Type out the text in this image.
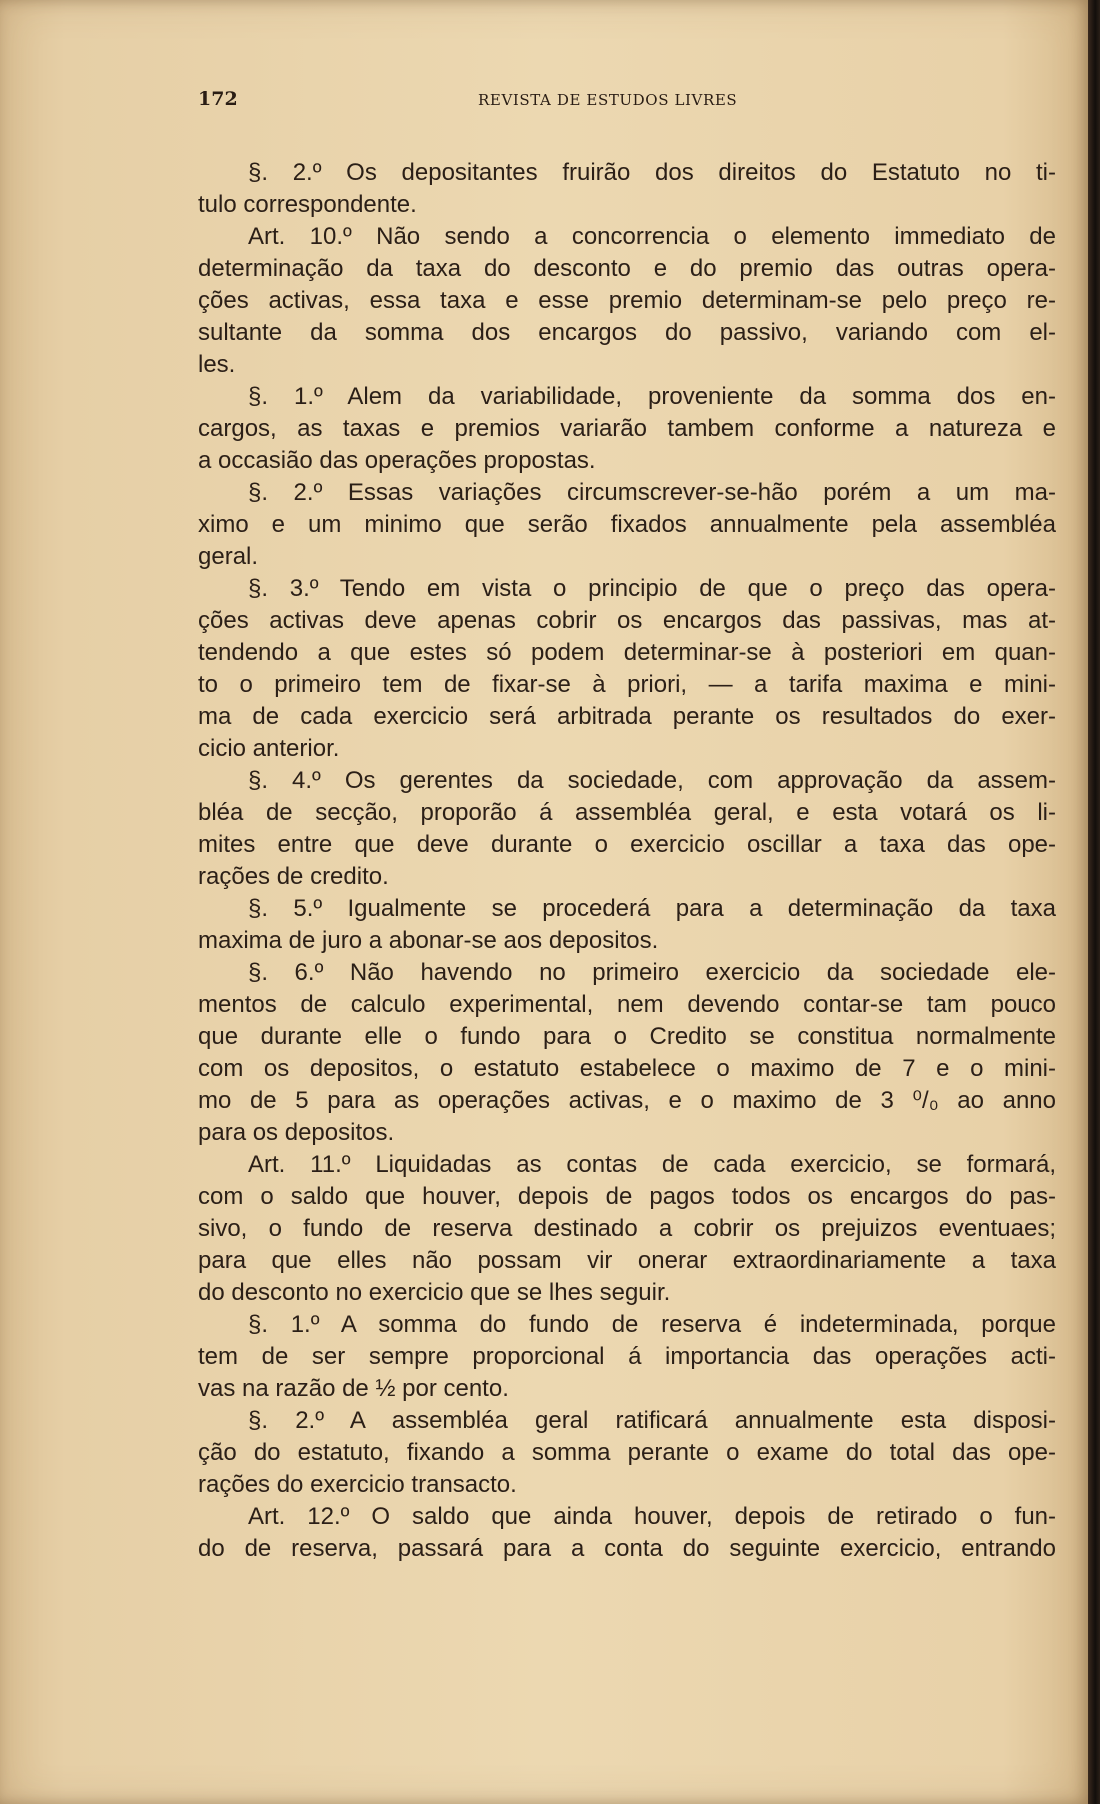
172	REVISTA DE ESTUDOS LIVRES
§. 2.º Os depositantes fruirão dos direitos do Estatuto no ti-
tulo correspondente.
Art. 10.º Não sendo a concorrencia o elemento immediato de
determinação da taxa do desconto e do premio das outras opera-
ções activas, essa taxa e esse premio determinam-se pelo preço re-
sultante da somma dos encargos do passivo, variando com el-
les.
§. 1.º Alem da variabilidade, proveniente da somma dos en-
cargos, as taxas e premios variarão tambem conforme a natureza e
a occasião das operações propostas.
§. 2.º Essas variações circumscrever-se-hão porém a um ma-
ximo e um minimo que serão fixados annualmente pela assembléa
geral.
§. 3.º Tendo em vista o principio de que o preço das opera-
ções activas deve apenas cobrir os encargos das passivas, mas at-
tendendo a que estes só podem determinar-se à posteriori em quan-
to o primeiro tem de fixar-se à priori, — a tarifa maxima e mini-
ma de cada exercicio será arbitrada perante os resultados do exer-
cicio anterior.
§. 4.º Os gerentes da sociedade, com approvação da assem-
bléa de secção, proporão á assembléa geral, e esta votará os li-
mites entre que deve durante o exercicio oscillar a taxa das ope-
rações de credito.
§. 5.º Igualmente se procederá para a determinação da taxa
maxima de juro a abonar-se aos depositos.
§. 6.º Não havendo no primeiro exercicio da sociedade ele-
mentos de calculo experimental, nem devendo contar-se tam pouco
que durante elle o fundo para o Credito se constitua normalmente
com os depositos, o estatuto estabelece o maximo de 7 e o mini-
mo de 5 para as operações activas, e o maximo de 3 ⁰/₀ ao anno
para os depositos.
Art. 11.º Liquidadas as contas de cada exercicio, se formará,
com o saldo que houver, depois de pagos todos os encargos do pas-
sivo, o fundo de reserva destinado a cobrir os prejuizos eventuaes;
para que elles não possam vir onerar extraordinariamente a taxa
do desconto no exercicio que se lhes seguir.
§. 1.º A somma do fundo de reserva é indeterminada, porque
tem de ser sempre proporcional á importancia das operações acti-
vas na razão de ½ por cento.
§. 2.º A assembléa geral ratificará annualmente esta disposi-
ção do estatuto, fixando a somma perante o exame do total das ope-
rações do exercicio transacto.
Art. 12.º O saldo que ainda houver, depois de retirado o fun-
do de reserva, passará para a conta do seguinte exercicio, entrando
